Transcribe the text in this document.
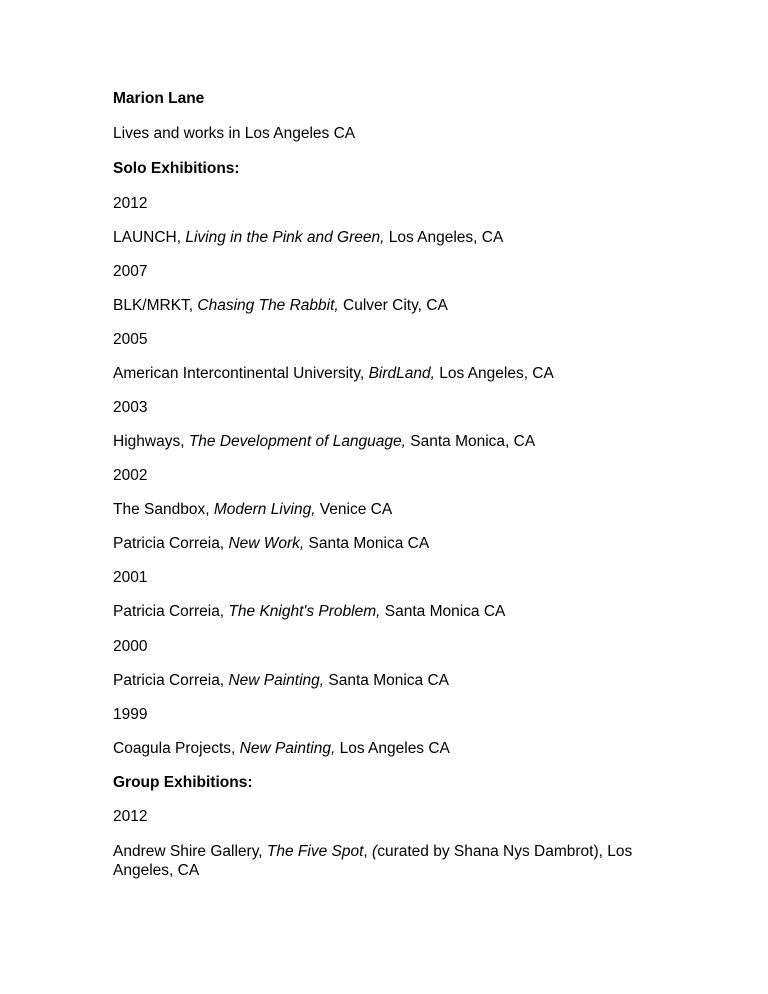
Marion Lane
Lives and works in Los Angeles CA
Solo Exhibitions:
2012
LAUNCH, Living in the Pink and Green, Los Angeles, CA
2007
BLK/MRKT, Chasing The Rabbit, Culver City, CA
2005
American Intercontinental University, BirdLand, Los Angeles, CA
2003
Highways, The Development of Language, Santa Monica, CA
2002
The Sandbox, Modern Living, Venice CA
Patricia Correia, New Work, Santa Monica CA
2001
Patricia Correia, The Knight's Problem, Santa Monica CA
2000
Patricia Correia, New Painting, Santa Monica CA
1999
Coagula Projects, New Painting, Los Angeles CA
Group Exhibitions:
2012
Andrew Shire Gallery, The Five Spot, (curated by Shana Nys Dambrot), Los Angeles, CA
